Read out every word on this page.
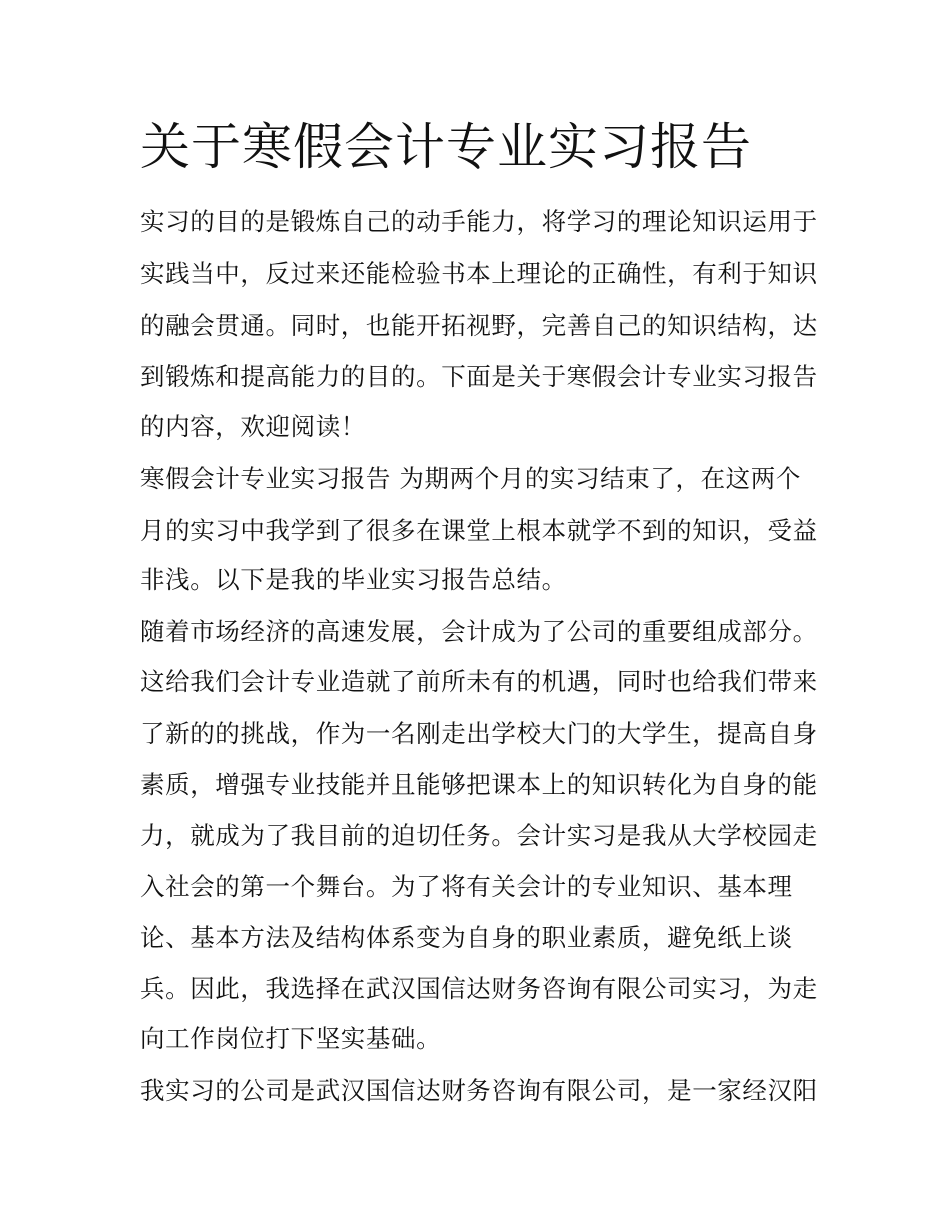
关于寒假会计专业实习报告

实习的目的是锻炼自己的动手能力，将学习的理论知识运用于

实践当中，反过来还能检验书本上理论的正确性，有利于知识

的融会贯通。同时，也能开拓视野，完善自己的知识结构，达

到锻炼和提高能力的目的。下面是关于寒假会计专业实习报告

的内容，欢迎阅读！

寒假会计专业实习报告 为期两个月的实习结束了，在这两个

月的实习中我学到了很多在课堂上根本就学不到的知识，受益

非浅。以下是我的毕业实习报告总结。

随着市场经济的高速发展，会计成为了公司的重要组成部分。

这给我们会计专业造就了前所未有的机遇，同时也给我们带来

了新的的挑战，作为一名刚走出学校大门的大学生，提高自身

素质，增强专业技能并且能够把课本上的知识转化为自身的能

力，就成为了我目前的迫切任务。会计实习是我从大学校园走

入社会的第一个舞台。为了将有关会计的专业知识、基本理

论、基本方法及结构体系变为自身的职业素质，避免纸上谈

兵。因此，我选择在武汉国信达财务咨询有限公司实习，为走

向工作岗位打下坚实基础。

我实习的公司是武汉国信达财务咨询有限公司，是一家经汉阳
